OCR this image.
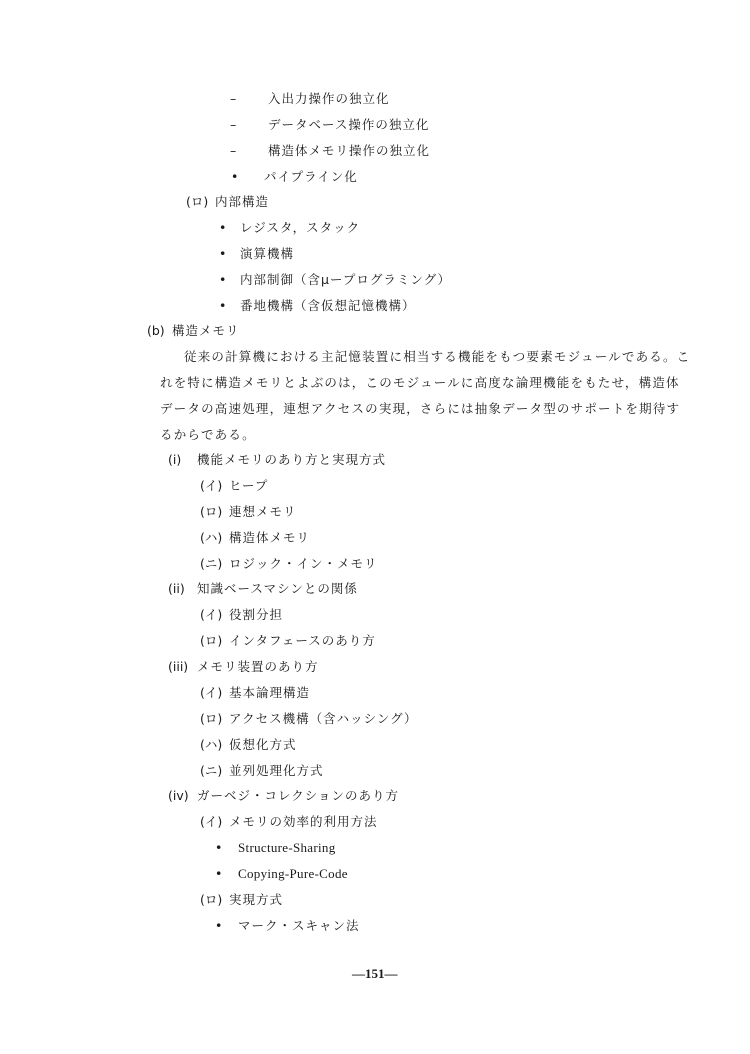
–	入出力操作の独立化
–	データベース操作の独立化
–	構造体メモリ操作の独立化
• パイプライン化
(ロ) 内部構造
• レジスタ，スタック
• 演算機構
• 内部制御（含μープログラミング）
• 番地機構（含仮想記憶機構）
(b) 構造メモリ
従来の計算機における主記憶装置に相当する機能をもつ要素モジュールである。こ
れを特に構造メモリとよぶのは，このモジュールに高度な論理機能をもたせ，構造体
データの高速処理，連想アクセスの実現，さらには抽象データ型のサポートを期待す
るからである。
(i) 機能メモリのあり方と実現方式
(イ) ヒープ
(ロ) 連想メモリ
(ハ) 構造体メモリ
(ニ) ロジック・イン・メモリ
(ii) 知識ベースマシンとの関係
(イ) 役割分担
(ロ) インタフェースのあり方
(iii) メモリ装置のあり方
(イ) 基本論理構造
(ロ) アクセス機構（含ハッシング）
(ハ) 仮想化方式
(ニ) 並列処理化方式
(iv) ガーベジ・コレクションのあり方
(イ) メモリの効率的利用方法
• Structure-Sharing
• Copying-Pure-Code
(ロ) 実現方式
• マーク・スキャン法
—151—
